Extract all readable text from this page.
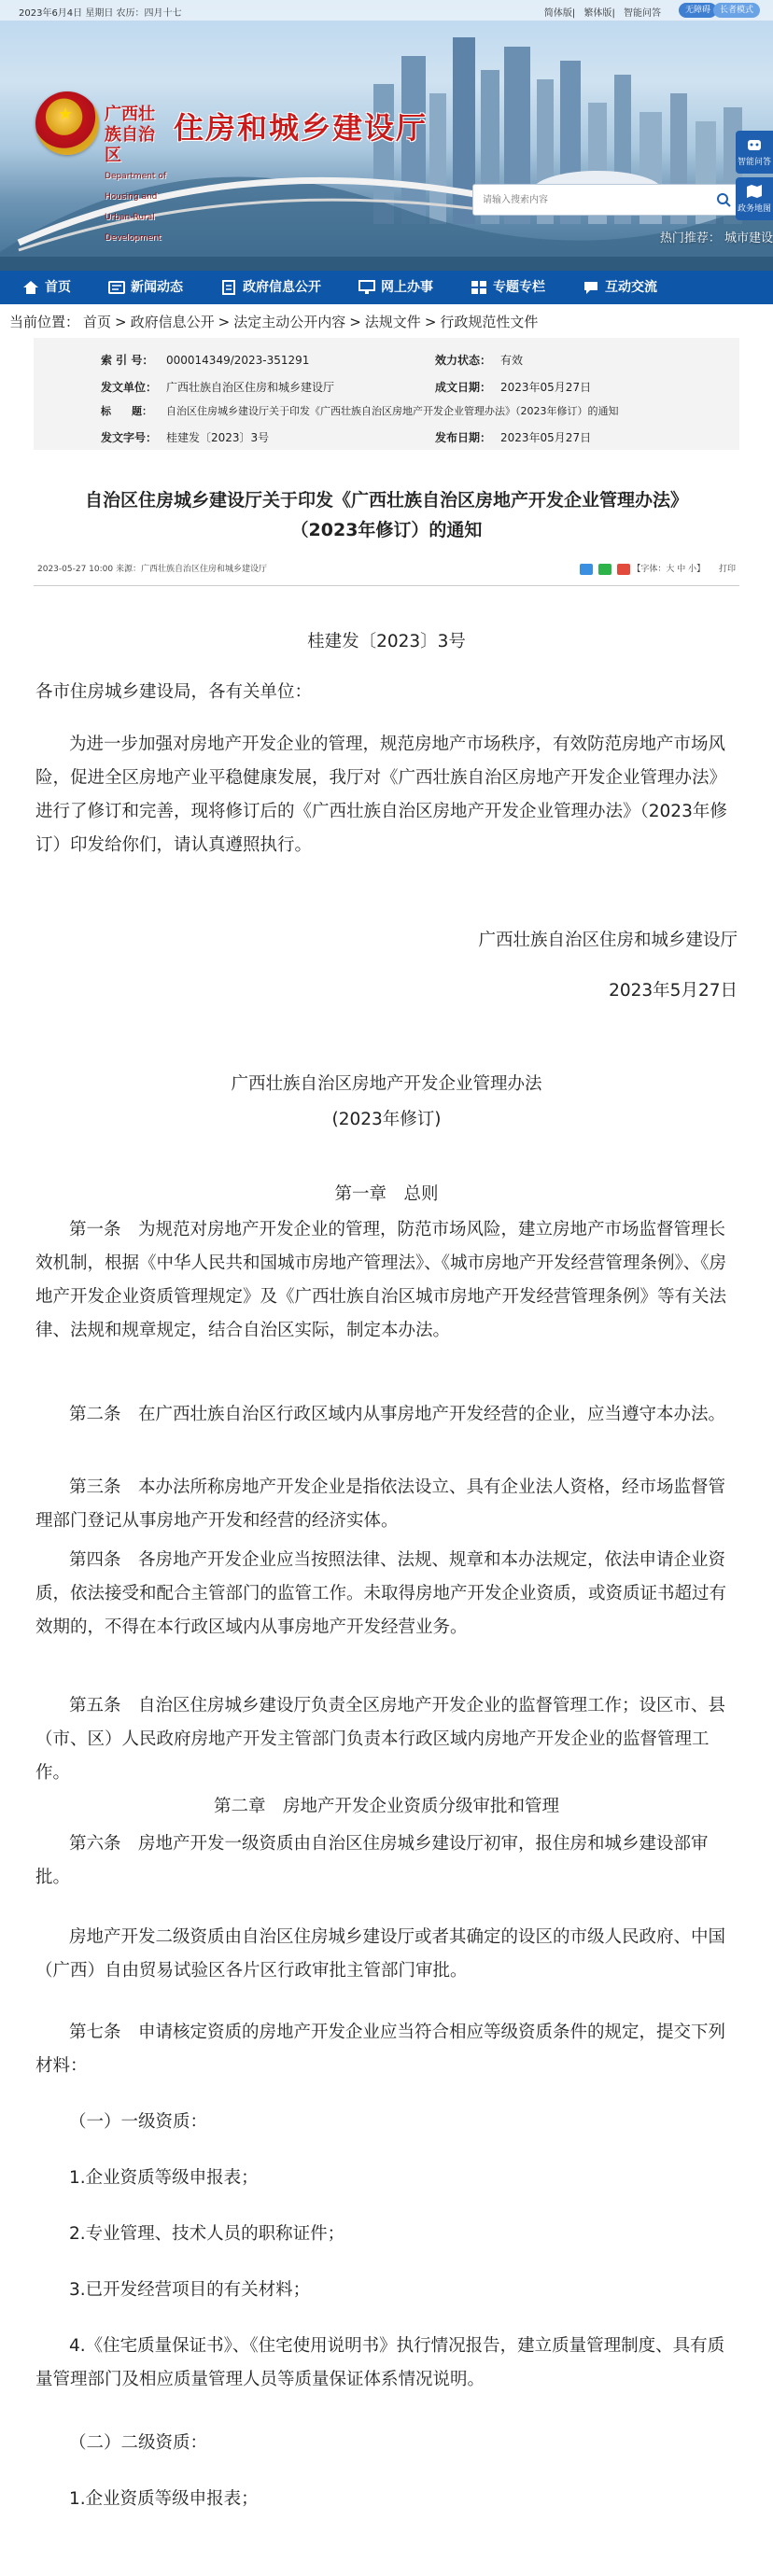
2023年6月4日 星期日 农历：四月十七	简体版| 繁体版| 智能问答	无障碍	长者模式
★
广西壮族自治区
Department of Housing and Urban-Rural Development
住房和城乡建设厅
请输入搜索内容
热门推荐： 城市建设
智能问答
政务地图
首页	新闻动态	政府信息公开	网上办事	专题专栏	互动交流
当前位置： 首页 > 政府信息公开 > 法定主动公开内容 > 法规文件 > 行政规范性文件
索 引 号： 000014349/2023-351291	效力状态： 有效
发文单位： 广西壮族自治区住房和城乡建设厅	成文日期： 2023年05月27日
标　　题： 自治区住房城乡建设厅关于印发《广西壮族自治区房地产开发企业管理办法》（2023年修订）的通知
发文字号： 桂建发〔2023〕3号	发布日期： 2023年05月27日
自治区住房城乡建设厅关于印发《广西壮族自治区房地产开发企业管理办法》
（2023年修订）的通知
2023-05-27 10:00 来源：广西壮族自治区住房和城乡建设厅	【字体：大 中 小】 打印
桂建发〔2023〕3号
各市住房城乡建设局，各有关单位：
为进一步加强对房地产开发企业的管理，规范房地产市场秩序，有效防范房地产市场风险，促进全区房地产业平稳健康发展，我厅对《广西壮族自治区房地产开发企业管理办法》进行了修订和完善，现将修订后的《广西壮族自治区房地产开发企业管理办法》（2023年修订）印发给你们，请认真遵照执行。
广西壮族自治区住房和城乡建设厅
2023年5月27日
广西壮族自治区房地产开发企业管理办法
(2023年修订)
第一章　总则
第一条　为规范对房地产开发企业的管理，防范市场风险，建立房地产市场监督管理长效机制，根据《中华人民共和国城市房地产管理法》、《城市房地产开发经营管理条例》、《房地产开发企业资质管理规定》及《广西壮族自治区城市房地产开发经营管理条例》等有关法律、法规和规章规定，结合自治区实际，制定本办法。
第二条　在广西壮族自治区行政区域内从事房地产开发经营的企业，应当遵守本办法。
第三条　本办法所称房地产开发企业是指依法设立、具有企业法人资格，经市场监督管理部门登记从事房地产开发和经营的经济实体。
第四条　各房地产开发企业应当按照法律、法规、规章和本办法规定，依法申请企业资质，依法接受和配合主管部门的监管工作。未取得房地产开发企业资质，或资质证书超过有效期的，不得在本行政区域内从事房地产开发经营业务。
第五条　自治区住房城乡建设厅负责全区房地产开发企业的监督管理工作；设区市、县（市、区）人民政府房地产开发主管部门负责本行政区域内房地产开发企业的监督管理工作。
第二章　房地产开发企业资质分级审批和管理
第六条　房地产开发一级资质由自治区住房城乡建设厅初审，报住房和城乡建设部审批。
房地产开发二级资质由自治区住房城乡建设厅或者其确定的设区的市级人民政府、中国（广西）自由贸易试验区各片区行政审批主管部门审批。
第七条　申请核定资质的房地产开发企业应当符合相应等级资质条件的规定，提交下列材料：
（一）一级资质：
1.企业资质等级申报表；
2.专业管理、技术人员的职称证件；
3.已开发经营项目的有关材料；
4.《住宅质量保证书》、《住宅使用说明书》执行情况报告，建立质量管理制度、具有质量管理部门及相应质量管理人员等质量保证体系情况说明。
（二）二级资质：
1.企业资质等级申报表；
